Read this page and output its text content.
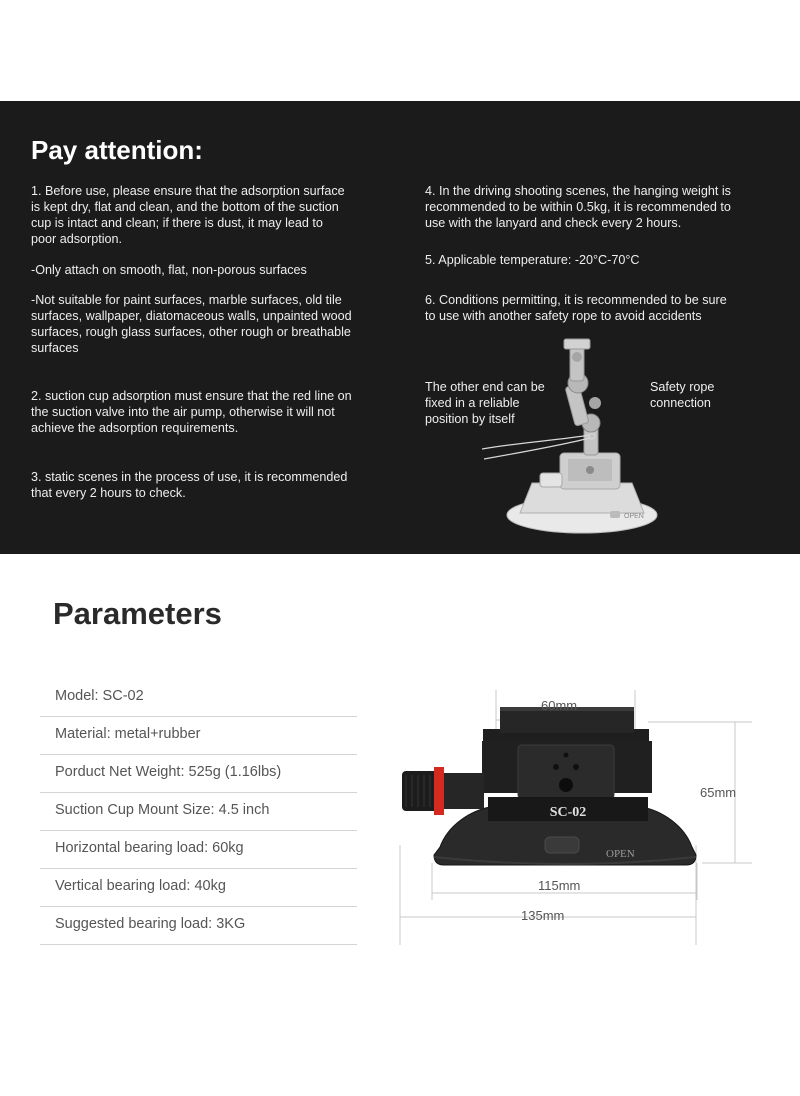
Pay attention:

1. Before use, please ensure that the adsorption surface
is kept dry, flat and clean, and the bottom of the suction
cup is intact and clean; if there is dust, it may lead to
poor adsorption.

-Only attach on smooth, flat, non-porous surfaces

-Not suitable for paint surfaces, marble surfaces, old tile
surfaces, wallpaper, diatomaceous walls, unpainted wood
surfaces, rough glass surfaces, other rough or breathable
surfaces

2. suction cup adsorption must ensure that the red line on
the suction valve into the air pump, otherwise it will not
achieve the adsorption requirements.

3. static scenes in the process of use, it is recommended
that every 2 hours to check.

4. In the driving shooting scenes, the hanging weight is
recommended to be within 0.5kg, it is recommended to
use with the lanyard and check every 2 hours.

5. Applicable temperature: -20°C-70°C

6. Conditions permitting, it is recommended to be sure
to use with another safety rope to avoid accidents

The other end can be
fixed in a reliable
position by itself

Safety rope
connection

OPEN
Parameters
Model: SC-02
Material: metal+rubber
Porduct Net Weight: 525g (1.16lbs)
Suction Cup Mount Size: 4.5 inch
Horizontal bearing load: 60kg
Vertical bearing load: 40kg
Suggested bearing load: 3KG
SC-02
OPEN
60mm
65mm
115mm
135mm
